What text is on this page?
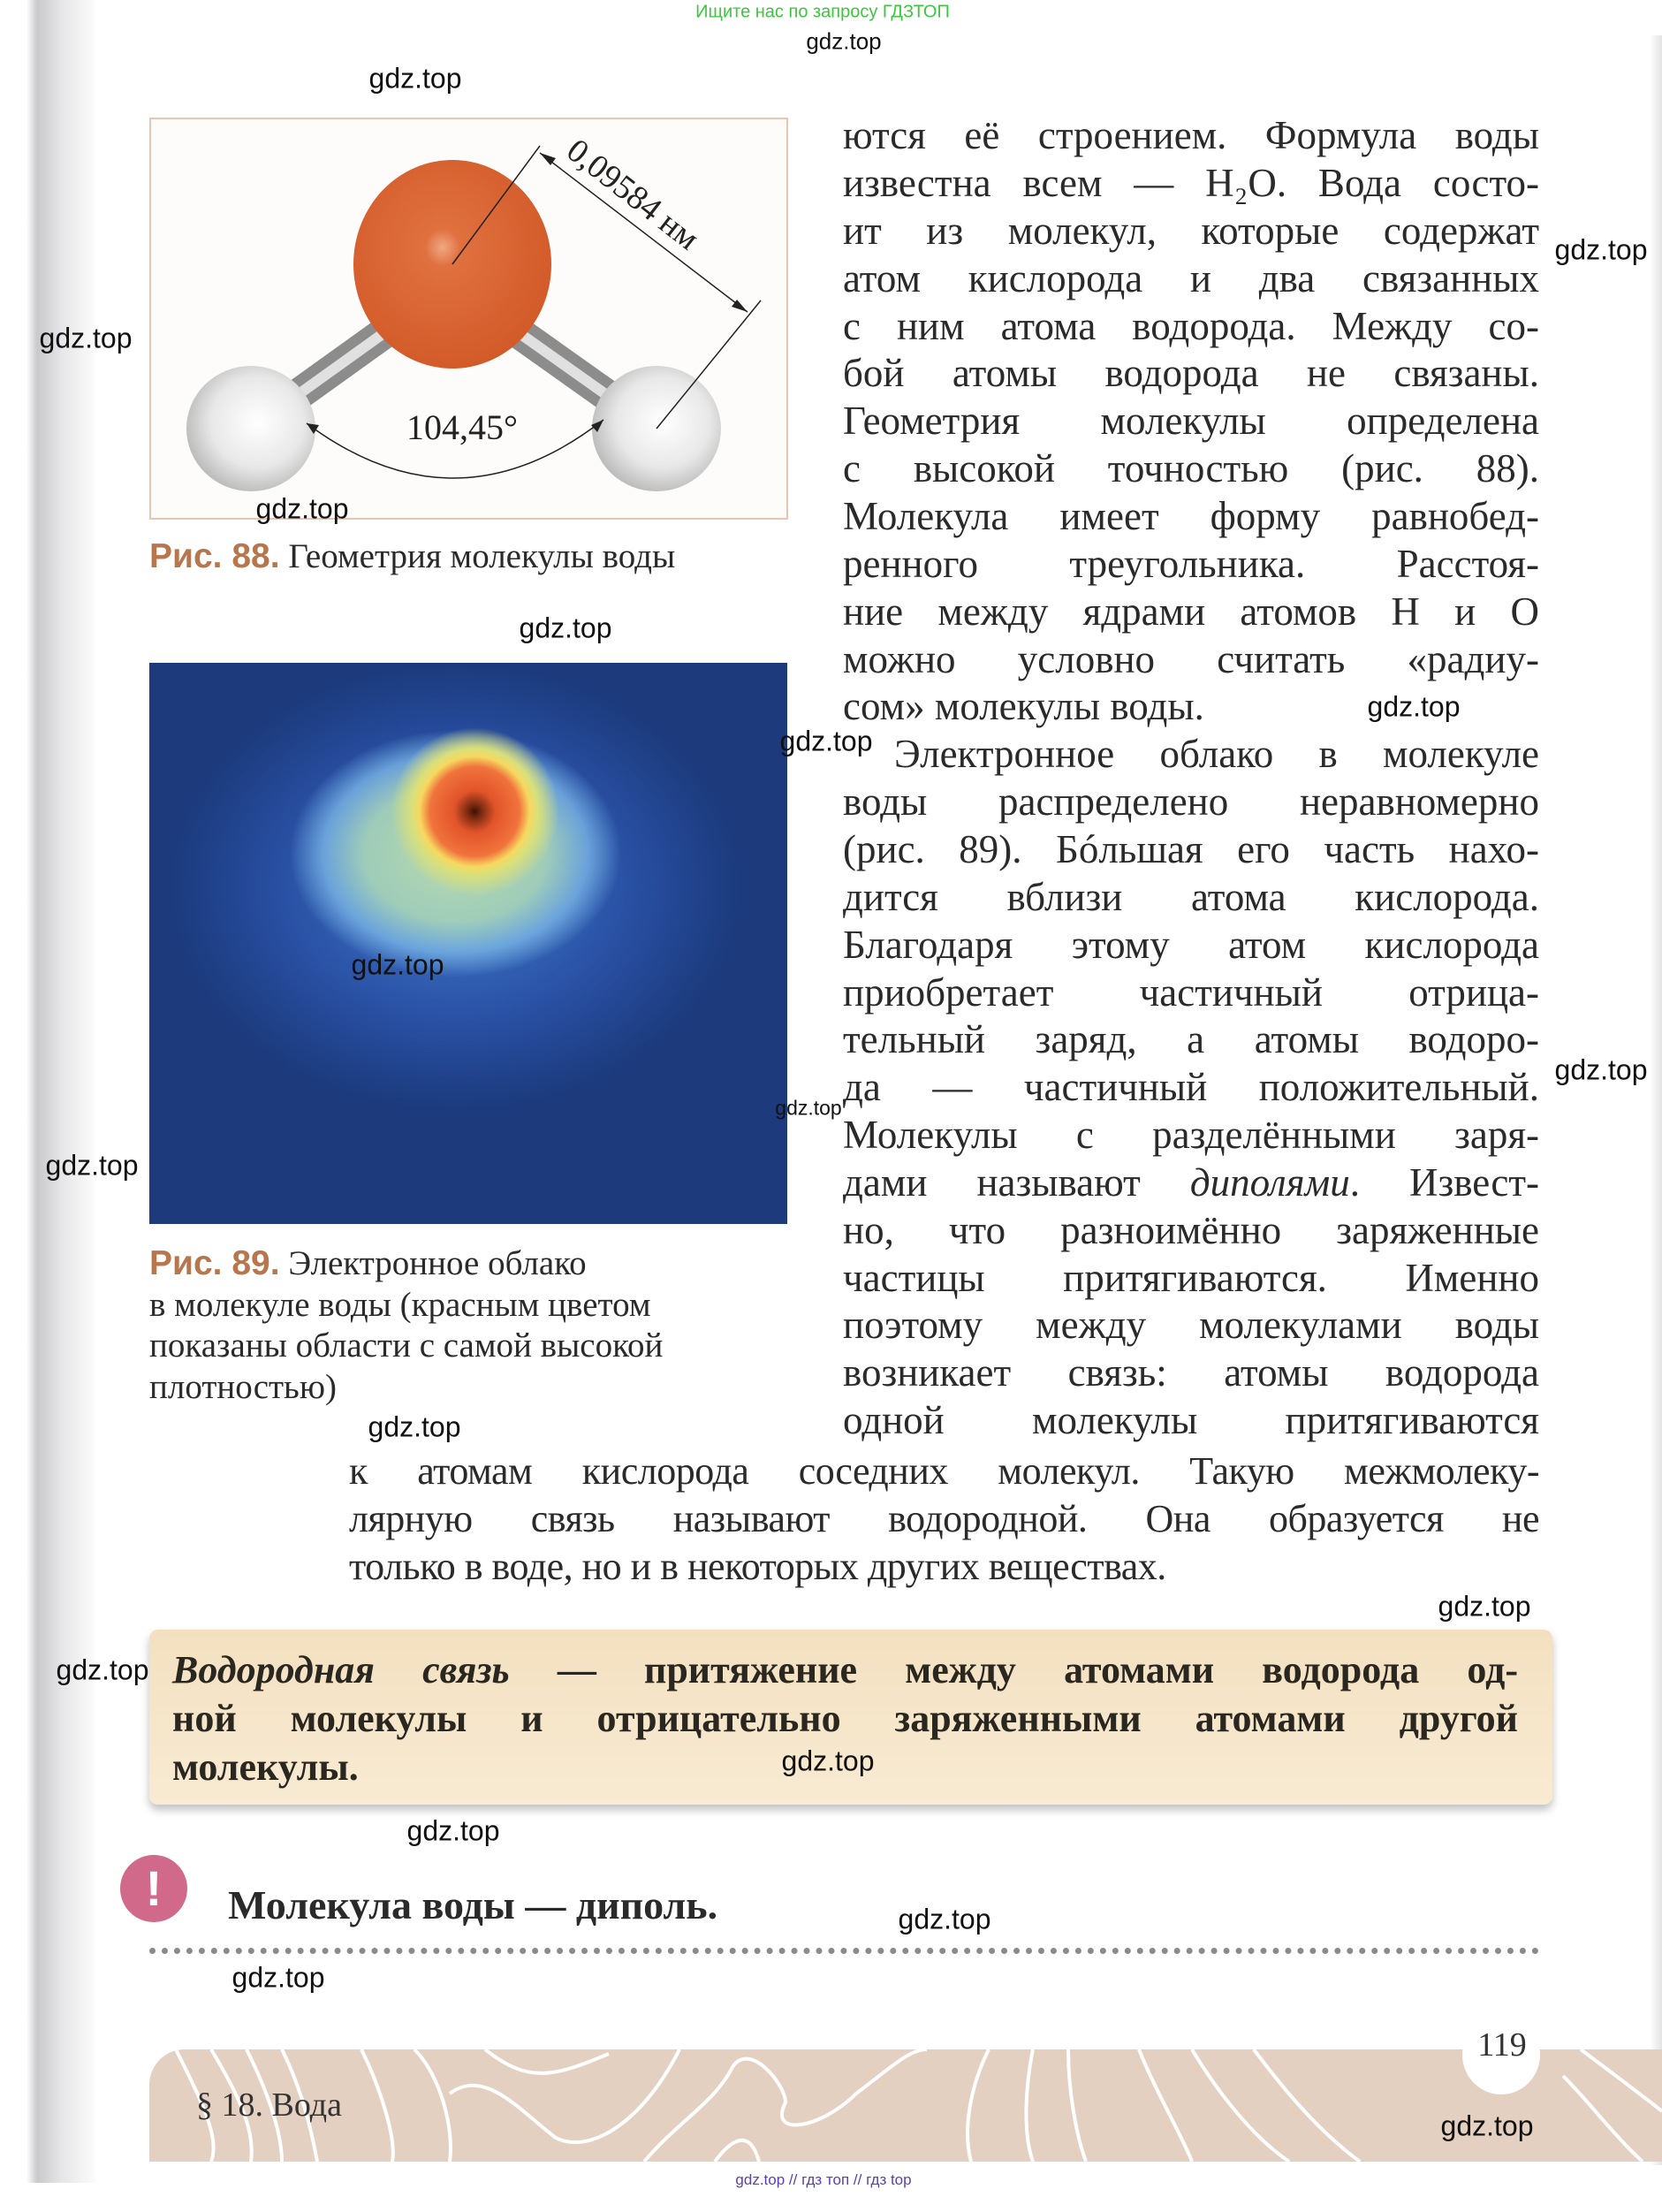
Ищите нас по запросу ГДЗТОП
0,09584 нм
104,45°
Рис. 88. Геометрия молекулы воды
Рис. 89. Электронное облако
в молекуле воды (красным цветом
показаны области с самой высокой
плотностью)
ются её строением. Формула воды
известна всем — H₂O. Вода состо-
ит из молекул, которые содержат
атом кислорода и два связанных
с ним атома водорода. Между со-
бой атомы водорода не связаны.
Геометрия молекулы определена
с высокой точностью (рис. 88).
Молекула имеет форму равнобед-
ренного треугольника. Расстоя-
ние между ядрами атомов H и O
можно условно считать «радиу-
сом» молекулы воды.
Электронное облако в молекуле
воды распределено неравномерно
(рис. 89). Бóльшая его часть нахо-
дится вблизи атома кислорода.
Благодаря этому атом кислорода
приобретает частичный отрица-
тельный заряд, а атомы водоро-
да — частичный положительный.
Молекулы с разделёнными заря-
дами называют диполями. Извест-
но, что разноимённо заряженные
частицы притягиваются. Именно
поэтому между молекулами воды
возникает связь: атомы водорода
одной молекулы притягиваются
к атомам кислорода соседних молекул. Такую межмолеку-
лярную связь называют водородной. Она образуется не
только в воде, но и в некоторых других веществах.
Водородная связь — притяжение между атомами водорода од-
ной молекулы и отрицательно заряженными атомами другой
молекулы.
!	Молекула воды — диполь.
119
§ 18. Вода
gdz.top // гдз топ // гдз top
gdz.top
gdz.top
gdz.top
gdz.top
gdz.top
gdz.top
gdz.top
gdz.top
gdz.top
gdz.top
gdz.top
gdz.top
gdz.top
gdz.top
gdz.top
gdz.top
gdz.top
gdz.top
gdz.top
gdz.top
